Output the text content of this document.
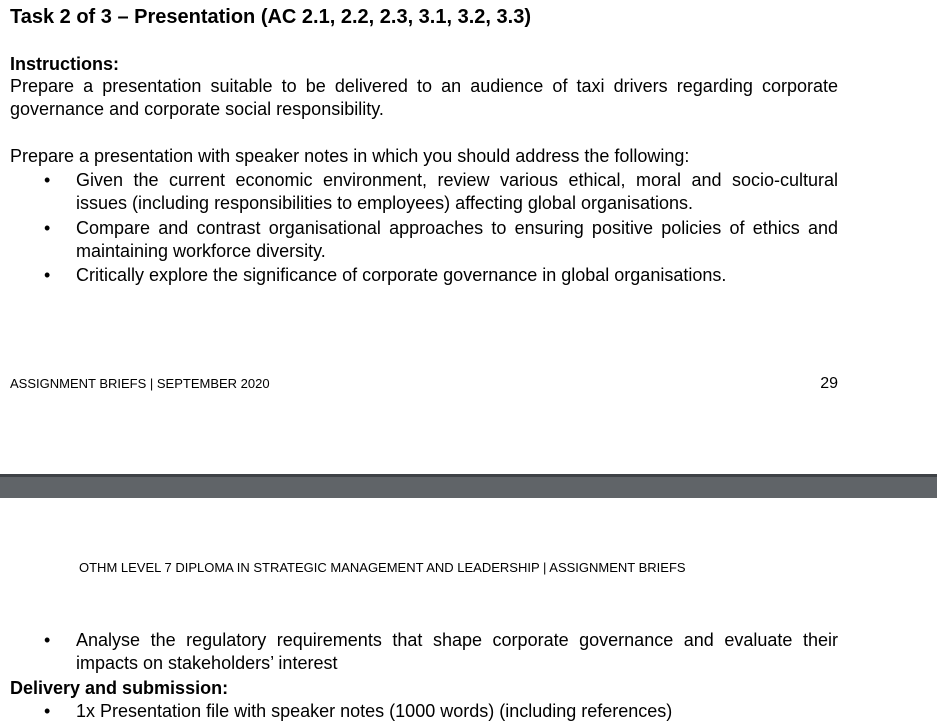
Task 2 of 3 – Presentation (AC 2.1, 2.2, 2.3, 3.1, 3.2, 3.3)
Instructions:
Prepare a presentation suitable to be delivered to an audience of taxi drivers regarding corporate governance and corporate social responsibility.
Prepare a presentation with speaker notes in which you should address the following:
• Given the current economic environment, review various ethical, moral and socio-cultural issues (including responsibilities to employees) affecting global organisations.
• Compare and contrast organisational approaches to ensuring positive policies of ethics and maintaining workforce diversity.
• Critically explore the significance of corporate governance in global organisations.
ASSIGNMENT BRIEFS | SEPTEMBER 2020	29
OTHM LEVEL 7 DIPLOMA IN STRATEGIC MANAGEMENT AND LEADERSHIP | ASSIGNMENT BRIEFS
• Analyse the regulatory requirements that shape corporate governance and evaluate their impacts on stakeholders’ interest
Delivery and submission:
• 1x Presentation file with speaker notes (1000 words) (including references)
